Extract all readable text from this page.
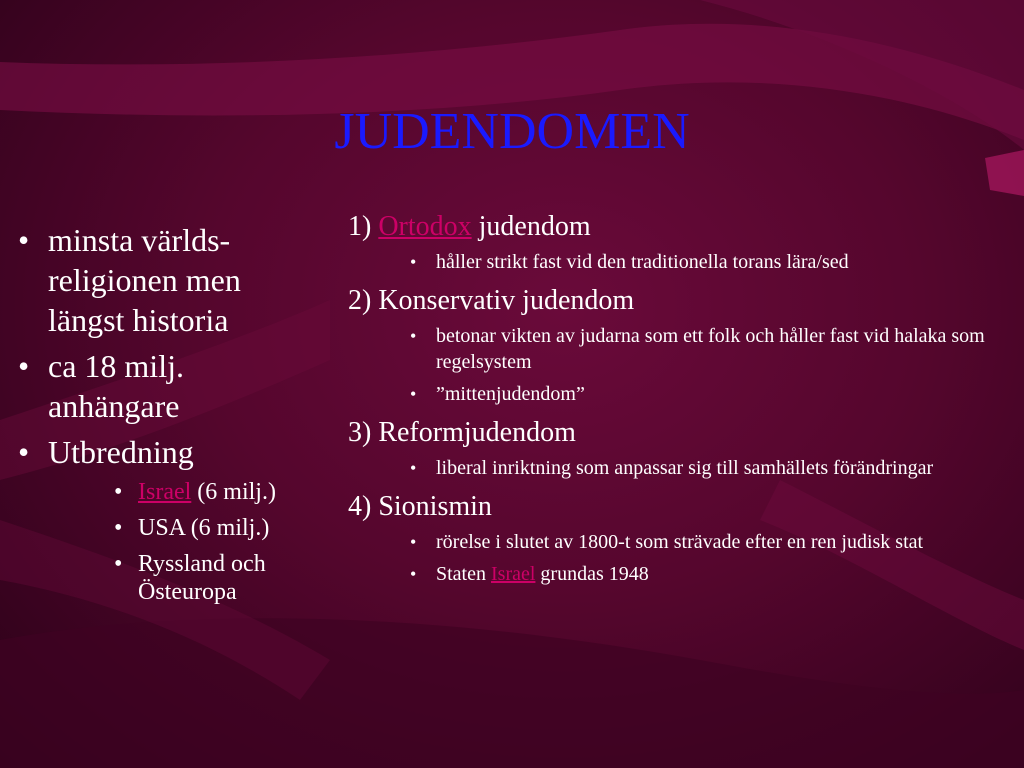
JUDENDOMEN
• minsta världs-religionen men längst historia
• ca 18 milj. anhängare
• Utbredning
• Israel (6 milj.)
• USA (6 milj.)
• Ryssland och Östeuropa
1) Ortodox judendom
• håller strikt fast vid den traditionella torans lära/sed
2) Konservativ judendom
• betonar vikten av judarna som ett folk och håller fast vid halaka som regelsystem
• ”mittenjudendom”
3) Reformjudendom
• liberal inriktning som anpassar sig till samhällets förändringar
4) Sionismin
• rörelse i slutet av 1800-t som strävade efter en ren judisk stat
• Staten Israel grundas 1948
